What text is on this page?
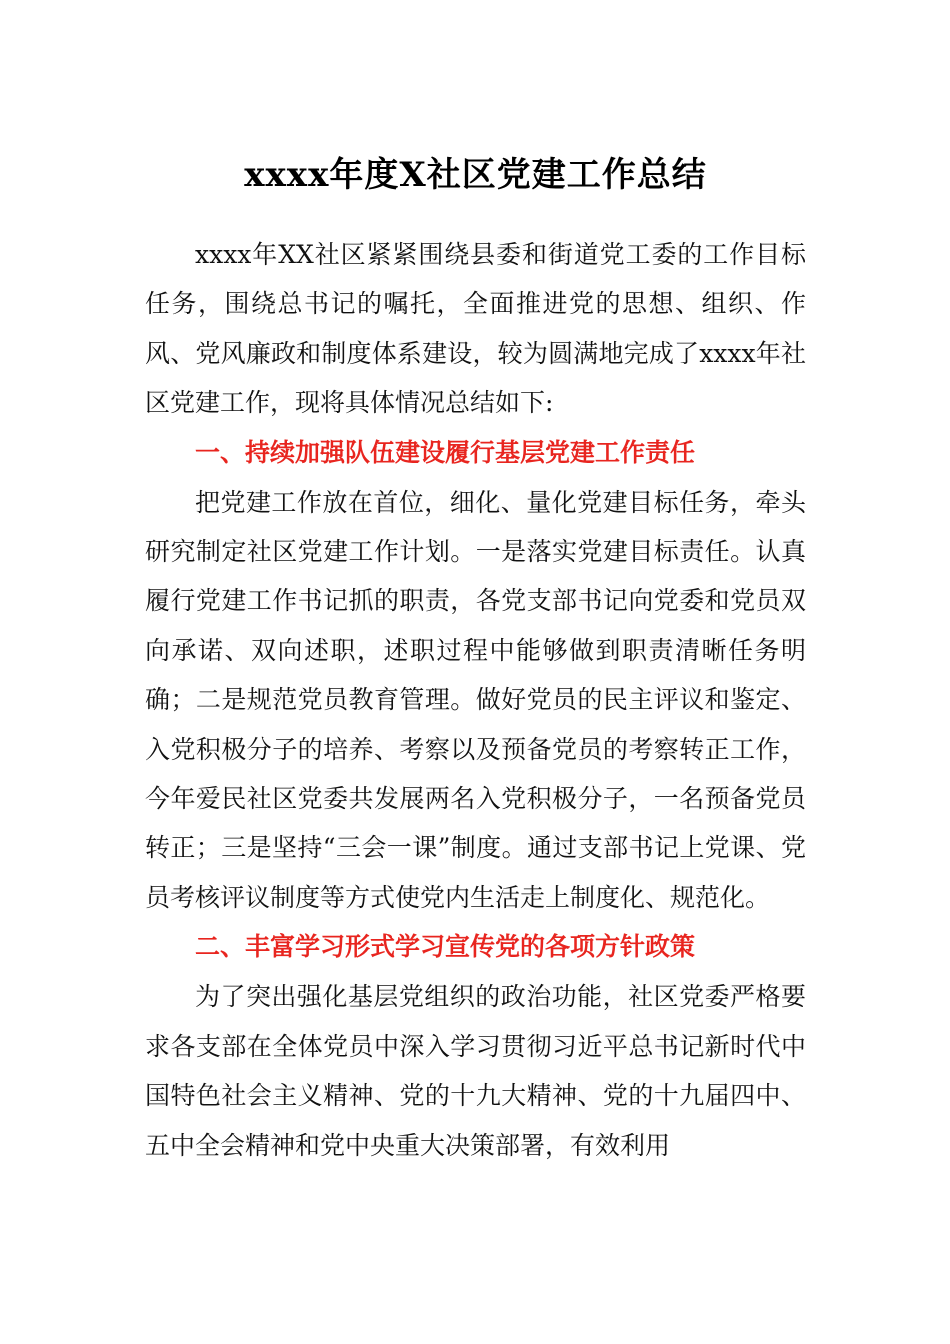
xxxx年度X社区党建工作总结

xxxx年XX社区紧紧围绕县委和街道党工委的工作目标任务，围绕总书记的嘱托，全面推进党的思想、组织、作风、党风廉政和制度体系建设，较为圆满地完成了xxxx年社区党建工作，现将具体情况总结如下:

一、持续加强队伍建设履行基层党建工作责任

把党建工作放在首位，细化、量化党建目标任务，牵头研究制定社区党建工作计划。一是落实党建目标责任。认真履行党建工作书记抓的职责，各党支部书记向党委和党员双向承诺、双向述职，述职过程中能够做到职责清晰任务明确；二是规范党员教育管理。做好党员的民主评议和鉴定、入党积极分子的培养、考察以及预备党员的考察转正工作，今年爱民社区党委共发展两名入党积极分子，一名预备党员转正；三是坚持“三会一课”制度。通过支部书记上党课、党员考核评议制度等方式使党内生活走上制度化、规范化。

二、丰富学习形式学习宣传党的各项方针政策

为了突出强化基层党组织的政治功能，社区党委严格要求各支部在全体党员中深入学习贯彻习近平总书记新时代中国特色社会主义精神、党的十九大精神、党的十九届四中、五中全会精神和党中央重大决策部署，有效利用
